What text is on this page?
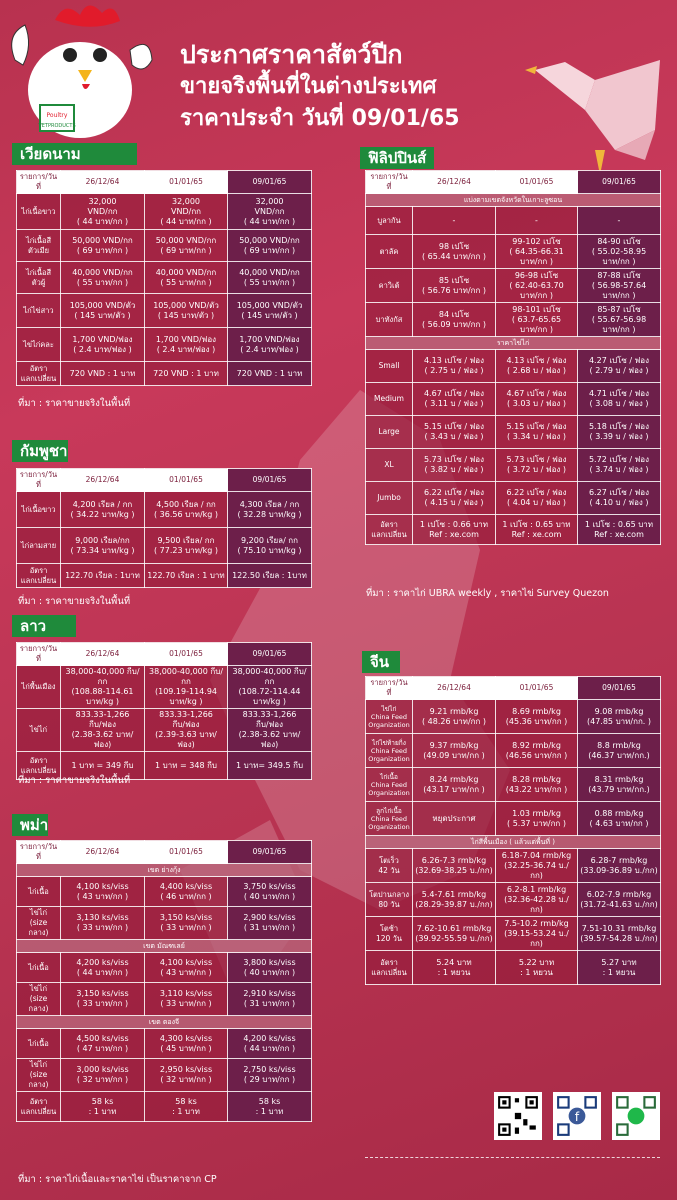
Poultry
VETPRODUCTS
ประกาศราคาสัตว์ปีก
ขายจริงพื้นที่ในต่างประเทศ
ราคาประจำ วันที่ 09/01/65
เวียดนาม
รายการ/วันที่	26/12/64	01/01/65	09/01/65
ไก่เนื้อขาว	32,000
VND/กก
( 44 บาท/กก )	32,000
VND/กก
( 44 บาท/กก )	32,000
VND/กก
( 44 บาท/กก )
ไก่เนื้อสี
ตัวเมีย	50,000 VND/กก
( 69 บาท/กก )	50,000 VND/กก
( 69 บาท/กก )	50,000 VND/กก
( 69 บาท/กก )
ไก่เนื้อสี
ตัวผู้	40,000 VND/กก
( 55 บาท/กก )	40,000 VND/กก
( 55 บาท/กก )	40,000 VND/กก
( 55 บาท/กก )
ไก่ไข่สาว	105,000 VND/ตัว
( 145 บาท/ตัว )	105,000 VND/ตัว
( 145 บาท/ตัว )	105,000 VND/ตัว
( 145 บาท/ตัว )
ไข่ไก่คละ	1,700 VND/ฟอง
( 2.4 บาท/ฟอง )	1,700 VND/ฟอง
( 2.4 บาท/ฟอง )	1,700 VND/ฟอง
( 2.4 บาท/ฟอง )
อัตรา
แลกเปลี่ยน	720 VND : 1 บาท	720 VND : 1 บาท	720 VND : 1 บาท
ที่มา : ราคาขายจริงในพื้นที่
กัมพูชา
รายการ/วันที่	26/12/64	01/01/65	09/01/65
ไก่เนื้อขาว	4,200 เรียล / กก
( 34.22 บาท/kg )	4,500 เรียล / กก
( 36.56 บาท/kg )	4,300 เรียล / กก
( 32.28 บาท/kg )
ไก่ลามสาย	9,000 เรียล/กก
( 73.34 บาท/kg )	9,500 เรียล/ กก
( 77.23 บาท/kg )	9,200 เรียล/ กก
( 75.10 บาท/kg )
อัตรา
แลกเปลี่ยน	122.70 เรียล : 1บาท	122.70 เรียล : 1 บาท	122.50 เรียล : 1บาท
ที่มา : ราคาขายจริงในพื้นที่
ลาว
รายการ/วันที่	26/12/64	01/01/65	09/01/65
ไก่พื้นเมือง	38,000-40,000 กีบ/กก
(108.88-114.61
บาท/kg )	38,000-40,000 กีบ/กก
(109.19-114.94
บาท/kg )	38,000-40,000 กีบ/กก
(108.72-114.44
บาท/kg )
ไข่ไก่	833.33-1,266
กีบ/ฟอง
(2.38-3.62 บาท/ฟอง)	833.33-1,266
กีบ/ฟอง
(2.39-3.63 บาท/ฟอง)	833.33-1,266
กีบ/ฟอง
(2.38-3.62 บาท/ฟอง)
อัตรา
แลกเปลี่ยน	1 บาท = 349 กีบ	1 บาท = 348 กีบ	1 บาท= 349.5 กีบ
ที่มา : ราคาขายจริงในพื้นที่
พม่า
รายการ/วันที่	26/12/64	01/01/65	09/01/65
เขต ย่างกุ้ง			
ไก่เนื้อ	4,100 ks/viss
( 43 บาท/กก )	4,400 ks/viss
( 46 บาท/กก )	3,750 ks/viss
( 40 บาท/กก )
ไข่ไก่
(size กลาง)	3,130 ks/viss
( 33 บาท/กก )	3,150 ks/viss
( 33 บาท/กก )	2,900 ks/viss
( 31 บาท/กก )
เขต มัณฑเลย์			
ไก่เนื้อ	4,200 ks/viss
( 44 บาท/กก )	4,100 ks/viss
( 43 บาท/กก )	3,800 ks/viss
( 40 บาท/กก )
ไข่ไก่
(size กลาง)	3,150 ks/viss
( 33 บาท/กก )	3,110 ks/viss
( 33 บาท/กก )	2,910 ks/viss
( 31 บาท/กก )
เขต ตองจี			
ไก่เนื้อ	4,500 ks/viss
( 47 บาท/กก )	4,300 ks/viss
( 45 บาท/กก )	4,200 ks/viss
( 44 บาท/กก )
ไข่ไก่
(size กลาง)	3,000 ks/viss
( 32 บาท/กก )	2,950 ks/viss
( 32 บาท/กก )	2,750 ks/viss
( 29 บาท/กก )
อัตรา
แลกเปลี่ยน	58 ks
: 1 บาท	58 ks
: 1 บาท	58 ks
: 1 บาท
ที่มา : ราคาไก่เนื้อและราคาไข่ เป็นราคาจาก CP
ฟิลิปปินส์
รายการ/วันที่	26/12/64	01/01/65	09/01/65
แบ่งตามเขตจังหวัดในเกาะลูซอน			
บูลากัน	-	-	-
ตาลัค	98 เปโซ
( 65.44 บาท/กก )	99-102 เปโซ
( 64.35-66.31
บาท/กก )	84-90 เปโซ
( 55.02-58.95
บาท/กก )
คาวิเต้	85 เปโซ
( 56.76 บาท/กก )	96-98 เปโซ
( 62.40-63.70
บาท/กก )	87-88 เปโซ
( 56.98-57.64
บาท/กก )
บาทังกัส	84 เปโซ
( 56.09 บาท/กก )	98-101 เปโซ
( 63.7-65.65
บาท/กก )	85-87 เปโซ
( 55.67-56.98
บาท/กก )
ราคาไข่ไก่			
Small	4.13 เปโซ / ฟอง
( 2.75 บ / ฟอง )	4.13 เปโซ / ฟอง
( 2.68 บ / ฟอง )	4.27 เปโซ / ฟอง
( 2.79 บ / ฟอง )
Medium	4.67 เปโซ / ฟอง
( 3.11 บ / ฟอง )	4.67 เปโซ / ฟอง
( 3.03 บ / ฟอง )	4.71 เปโซ / ฟอง
( 3.08 บ / ฟอง )
Large	5.15 เปโซ / ฟอง
( 3.43 บ / ฟอง )	5.15 เปโซ / ฟอง
( 3.34 บ / ฟอง )	5.18 เปโซ / ฟอง
( 3.39 บ / ฟอง )
XL	5.73 เปโซ / ฟอง
( 3.82 บ / ฟอง )	5.73 เปโซ / ฟอง
( 3.72 บ / ฟอง )	5.72 เปโซ / ฟอง
( 3.74 บ / ฟอง )
Jumbo	6.22 เปโซ / ฟอง
( 4.15 บ / ฟอง )	6.22 เปโซ / ฟอง
( 4.04 บ / ฟอง )	6.27 เปโซ / ฟอง
( 4.10 บ / ฟอง )
อัตรา
แลกเปลี่ยน	1 เปโซ : 0.66 บาท
Ref : xe.com	1 เปโซ : 0.65 บาท
Ref : xe.com	1 เปโซ : 0.65 บาท
Ref : xe.com
ที่มา : ราคาไก่ UBRA weekly , ราคาไข่ Survey Quezon
จีน
รายการ/วันที่	26/12/64	01/01/65	09/01/65
ไข่ไก่
China Feed
Organization	9.21 rmb/kg
( 48.26 บาท/กก )	8.69 rmb/kg
(45.36 บาท/กก )	9.08 rmb/kg
(47.85 บาท/กก. )
ไก่ไข่ท้ายกิ่ง
China Feed
Organization	9.37 rmb/kg
(49.09 บาท/กก )	8.92 rmb/kg
(46.56 บาท/กก )	8.8 rmb/kg
(46.37 บาท/กก.)
ไก่เนื้อ
China Feed
Organization	8.24 rmb/kg
(43.17 บาท/กก )	8.28 rmb/kg
(43.22 บาท/กก )	8.31 rmb/kg
(43.79 บาท/กก.)
ลูกไก่เนื้อ
China Feed
Organization	หยุดประกาศ	1.03 rmb/kg
( 5.37 บาท/กก )	0.88 rmb/kg
( 4.63 บาท/กก )
ไก่สีพื้นเมือง ( แล้วแต่พื้นที่ )			
โตเร็ว
42 วัน	6.26-7.3 rmb/kg
(32.69-38.25 บ./กก)	6.18-7.04 rmb/kg
(32.25-36.74 บ./กก)	6.28-7 rmb/kg
(33.09-36.89 บ./กก)
โตปานกลาง
80 วัน	5.4-7.61 rmb/kg
(28.29-39.87 บ./กก)	6.2-8.1 rmb/kg
(32.36-42.28 บ./กก)	6.02-7.9 rmb/kg
(31.72-41.63 บ./กก)
โตช้า
120 วัน	7.62-10.61 rmb/kg
(39.92-55.59 บ./กก)	7.5-10.2 rmb/kg
(39.15-53.24 บ./กก)	7.51-10.31 rmb/kg
(39.57-54.28 บ./กก)
อัตรา
แลกเปลี่ยน	5.24 บาท
: 1 หยวน	5.22 บาท
: 1 หยวน	5.27 บาท
: 1 หยวน
f
